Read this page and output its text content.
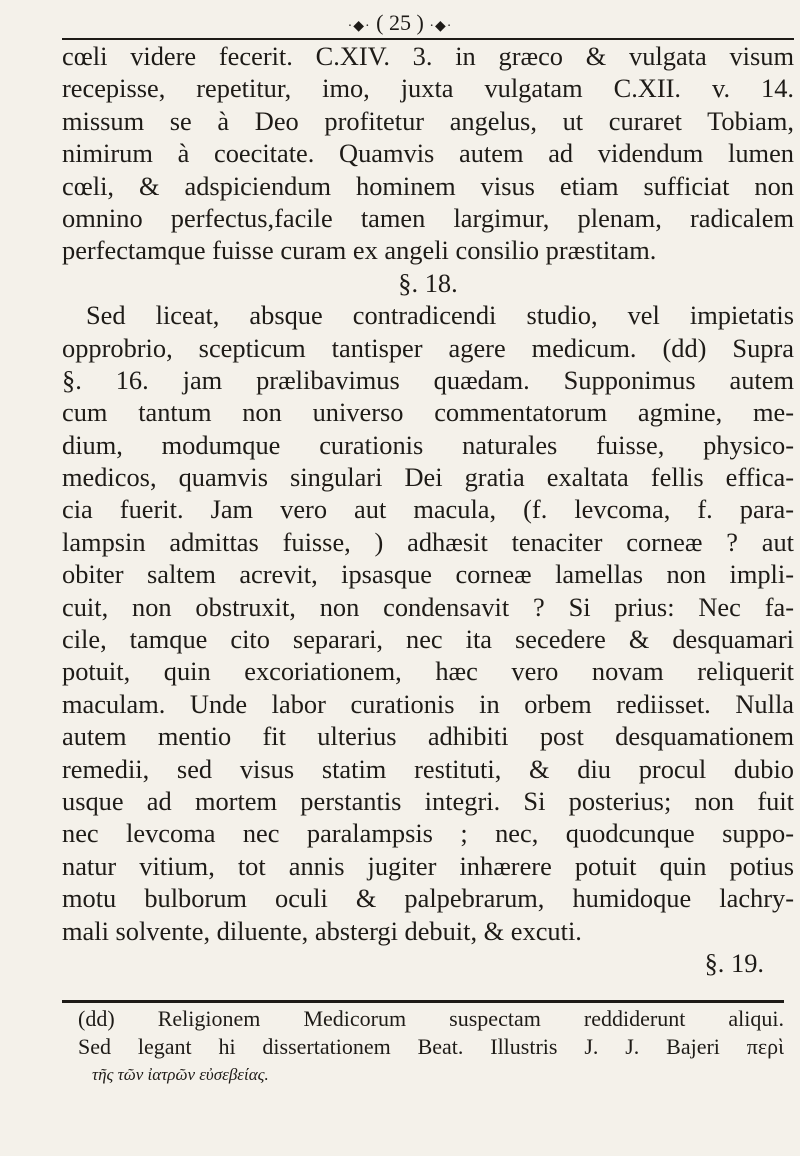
·◆· ( 25 ) ·◆·
cœli videre fecerit. C.XIV. 3. in græco & vulgata visum
recepisse, repetitur, imo, juxta vulgatam C.XII. v. 14.
missum se à Deo profitetur angelus, ut curaret Tobiam,
nimirum à coecitate. Quamvis autem ad videndum lumen
cœli, & adspiciendum hominem visus etiam sufficiat non
omnino perfectus,facile tamen largimur, plenam, radicalem
perfectamque fuisse curam ex angeli consilio præstitam.
§. 18.
Sed liceat, absque contradicendi studio, vel impietatis
opprobrio, scepticum tantisper agere medicum. (dd) Supra
§. 16. jam prælibavimus quædam. Supponimus autem
cum tantum non universo commentatorum agmine, me-
dium, modumque curationis naturales fuisse, physico-
medicos, quamvis singulari Dei gratia exaltata fellis effica-
cia fuerit. Jam vero aut macula, (f. levcoma, f. para-
lampsin admittas fuisse, ) adhæsit tenaciter corneæ ? aut
obiter saltem acrevit, ipsasque corneæ lamellas non impli-
cuit, non obstruxit, non condensavit ? Si prius: Nec fa-
cile, tamque cito separari, nec ita secedere & desquamari
potuit, quin excoriationem, hæc vero novam reliquerit
maculam. Unde labor curationis in orbem rediisset. Nulla
autem mentio fit ulterius adhibiti post desquamationem
remedii, sed visus statim restituti, & diu procul dubio
usque ad mortem perstantis integri. Si posterius; non fuit
nec levcoma nec paralampsis ; nec, quodcunque suppo-
natur vitium, tot annis jugiter inhærere potuit quin potius
motu bulborum oculi & palpebrarum, humidoque lachry-
mali solvente, diluente, abstergi debuit, & excuti.
§. 19.
(dd) Religionem Medicorum suspectam reddiderunt aliqui.
Sed legant hi dissertationem Beat. Illustris J. J. Bajeri περὶ
τῆς τῶν ἰατρῶν εὐσεβείας.
